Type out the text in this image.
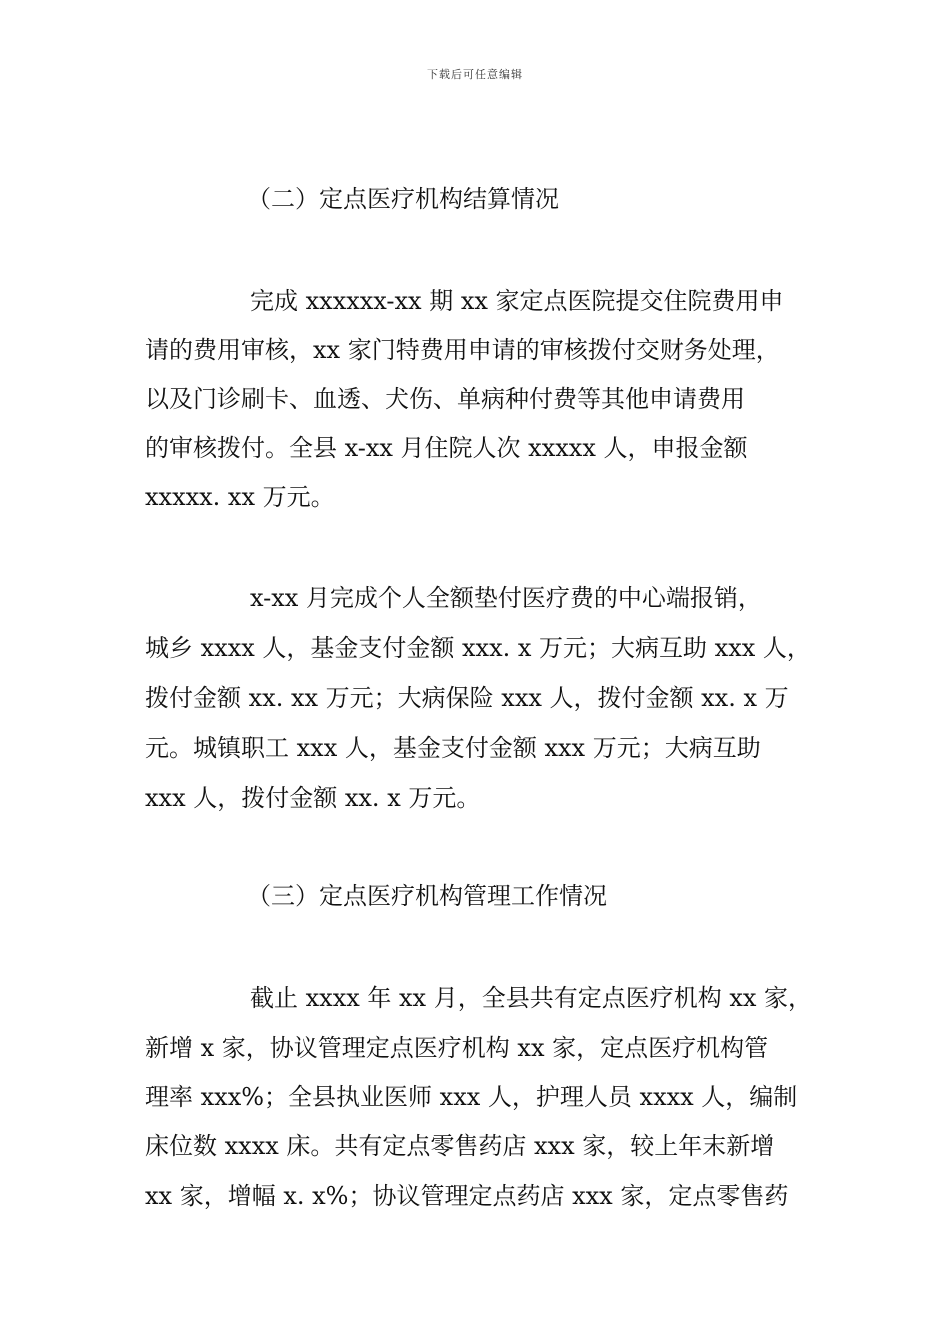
下载后可任意编辑
（二）定点医疗机构结算情况
完成 xxxxxx-xx 期 xx 家定点医院提交住院费用申
请的费用审核，xx 家门特费用申请的审核拨付交财务处理，
以及门诊刷卡、血透、犬伤、单病种付费等其他申请费用
的审核拨付。全县 x-xx 月住院人次 xxxxx 人，申报金额
xxxxx. xx 万元。
x-xx 月完成个人全额垫付医疗费的中心端报销，
城乡 xxxx 人，基金支付金额 xxx. x 万元；大病互助 xxx 人，
拨付金额 xx. xx 万元；大病保险 xxx 人，拨付金额 xx. x 万
元。城镇职工 xxx 人，基金支付金额 xxx 万元；大病互助
xxx 人，拨付金额 xx. x 万元。
（三）定点医疗机构管理工作情况
截止 xxxx 年 xx 月，全县共有定点医疗机构 xx 家，
新增 x 家，协议管理定点医疗机构 xx 家，定点医疗机构管
理率 xxx%；全县执业医师 xxx 人，护理人员 xxxx 人，编制
床位数 xxxx 床。共有定点零售药店 xxx 家，较上年末新增
xx 家，增幅 x. x%；协议管理定点药店 xxx 家，定点零售药
